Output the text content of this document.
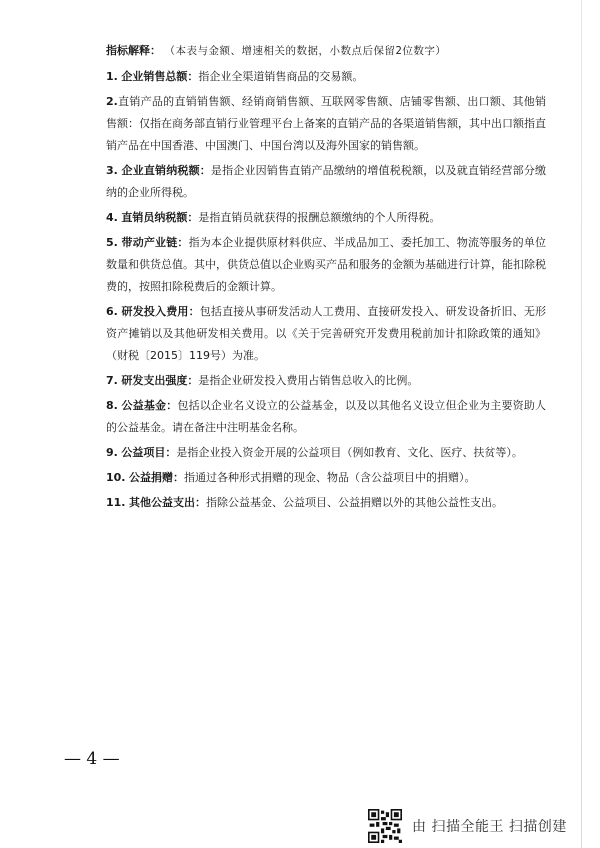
指标解释： （本表与金额、增速相关的数据，小数点后保留2位数字）
1. 企业销售总额：指企业全渠道销售商品的交易额。
2.直销产品的直销销售额、经销商销售额、互联网零售额、店铺零售额、出口额、其他销售额：仅指在商务部直销行业管理平台上备案的直销产品的各渠道销售额，其中出口额指直销产品在中国香港、中国澳门、中国台湾以及海外国家的销售额。
3. 企业直销纳税额：是指企业因销售直销产品缴纳的增值税税额，以及就直销经营部分缴纳的企业所得税。
4. 直销员纳税额：是指直销员就获得的报酬总额缴纳的个人所得税。
5. 带动产业链：指为本企业提供原材料供应、半成品加工、委托加工、物流等服务的单位数量和供货总值。其中，供货总值以企业购买产品和服务的金额为基础进行计算，能扣除税费的，按照扣除税费后的金额计算。
6. 研发投入费用：包括直接从事研发活动人工费用、直接研发投入、研发设备折旧、无形资产摊销以及其他研发相关费用。以《关于完善研究开发费用税前加计扣除政策的通知》（财税〔2015〕119号）为准。
7. 研发支出强度：是指企业研发投入费用占销售总收入的比例。
8. 公益基金：包括以企业名义设立的公益基金，以及以其他名义设立但企业为主要资助人的公益基金。请在备注中注明基金名称。
9. 公益项目：是指企业投入资金开展的公益项目（例如教育、文化、医疗、扶贫等）。
10. 公益捐赠：指通过各种形式捐赠的现金、物品（含公益项目中的捐赠）。
11. 其他公益支出：指除公益基金、公益项目、公益捐赠以外的其他公益性支出。
— 4 —
由 扫描全能王 扫描创建
